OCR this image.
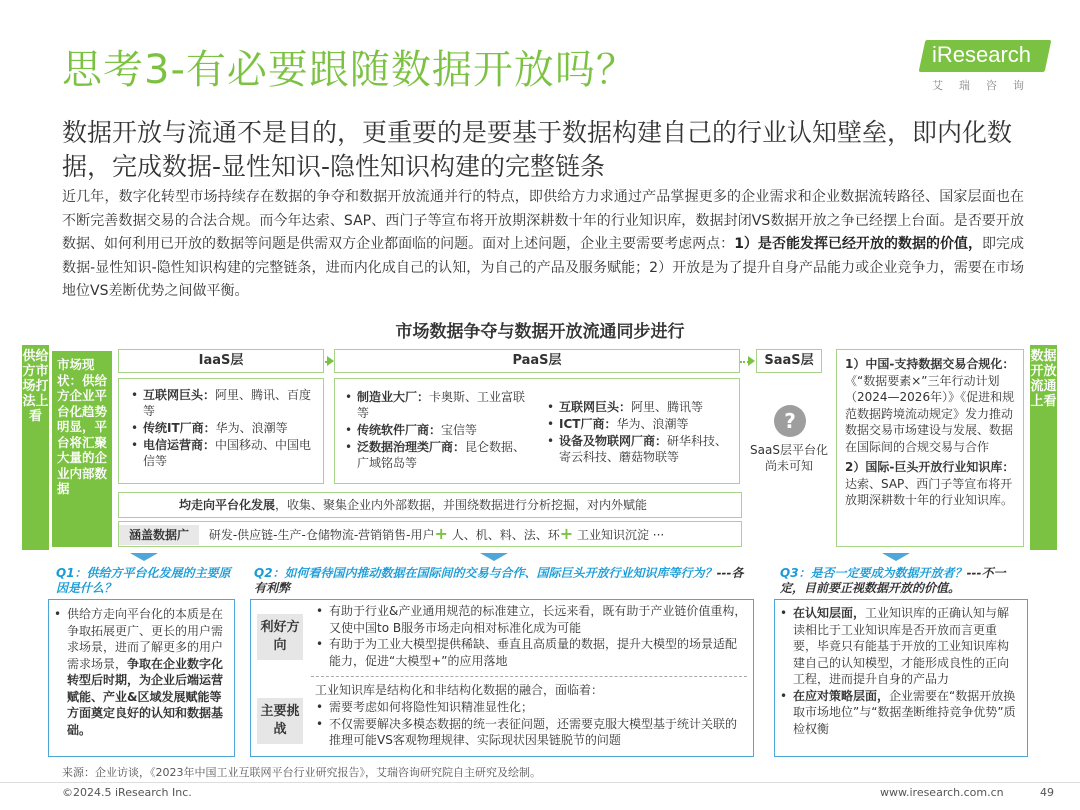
思考3-有必要跟随数据开放吗？	iResearch
艾瑞咨询
数据开放与流通不是目的，更重要的是要基于数据构建自己的行业认知壁垒，即内化数据，完成数据-显性知识-隐性知识构建的完整链条
近几年，数字化转型市场持续存在数据的争夺和数据开放流通并行的特点，即供给方力求通过产品掌握更多的企业需求和企业数据流转路径、国家层面也在不断完善数据交易的合法合规。而今年达索、SAP、西门子等宣布将开放期深耕数十年的行业知识库，数据封闭VS数据开放之争已经摆上台面。是否要开放数据、如何利用已开放的数据等问题是供需双方企业都面临的问题。面对上述问题，企业主要需要考虑两点：1）是否能发挥已经开放的数据的价值，即完成数据-显性知识-隐性知识构建的完整链条，进而内化成自己的认知，为自己的产品及服务赋能；2）开放是为了提升自身产品能力或企业竞争力，需要在市场地位VS差断优势之间做平衡。
市场数据争夺与数据开放流通同步进行
供给方市场打法上看
数据开放流通上看
市场现状：供给方企业平台化趋势明显，平台将汇聚大量的企业内部数据
IaaS层
• 互联网巨头：阿里、腾讯、百度等
• 传统IT厂商：华为、浪潮等
• 电信运营商：中国移动、中国电信等
PaaS层
• 制造业大厂：卡奥斯、工业富联等
• 传统软件厂商：宝信等
• 泛数据治理类厂商：昆仑数据、广域铭岛等
• 互联网巨头：阿里、腾讯等
• ICT厂商：华为、浪潮等
• 设备及物联网厂商：研华科技、寄云科技、蘑菇物联等
SaaS层
?
SaaS层平台化尚未可知
1）中国-支持数据交易合规化：《“数据要素×”三年行动计划（2024—2026年）》《促进和规范数据跨境流动规定》发力推动数据交易市场建设与发展、数据在国际间的合规交易与合作
2）国际-巨头开放行业知识库：达索、SAP、西门子等宣布将开放期深耕数十年的行业知识库。
均走向平台化发展，收集、聚集企业内外部数据，并围绕数据进行分析挖掘，对内外赋能
涵盖数据广 研发-供应链-生产-仓储物流-营销销售-用户+ 人、机、料、法、环+ 工业知识沉淀 ···
Q1：供给方平台化发展的主要原因是什么？
• 供给方走向平台化的本质是在争取拓展更广、更长的用户需求场景，进而了解更多的用户需求场景，争取在企业数字化转型后时期，为企业后端运营赋能、产业&区域发展赋能等方面奠定良好的认知和数据基础。
Q2：如何看待国内推动数据在国际间的交易与合作、国际巨头开放行业知识库等行为？---各有利弊
利好方向
• 有助于行业&产业通用规范的标准建立，长远来看，既有助于产业链价值重构，又使中国to B服务市场走向相对标准化成为可能
• 有助于为工业大模型提供稀缺、垂直且高质量的数据，提升大模型的场景适配能力，促进“大模型+”的应用落地
主要挑战
工业知识库是结构化和非结构化数据的融合，面临着：
• 需要考虑如何将隐性知识精准显性化；
• 不仅需要解决多模态数据的统一表征问题，还需要克服大模型基于统计关联的推理可能VS客观物理规律、实际现状因果链脱节的问题
Q3：是否一定要成为数据开放者？---不一定，目前要正视数据开放的价值。
• 在认知层面，工业知识库的正确认知与解读相比于工业知识库是否开放而言更重要，毕竟只有能基于开放的工业知识库构建自己的认知模型，才能形成良性的正向工程，进而提升自身的产品力
• 在应对策略层面，企业需要在“数据开放换取市场地位”与“数据垄断维持竞争优势”质检权衡
来源：企业访谈，《2023年中国工业互联网平台行业研究报告》，艾瑞咨询研究院自主研究及绘制。
©2024.5 iResearch Inc.	www.iresearch.com.cn	49
